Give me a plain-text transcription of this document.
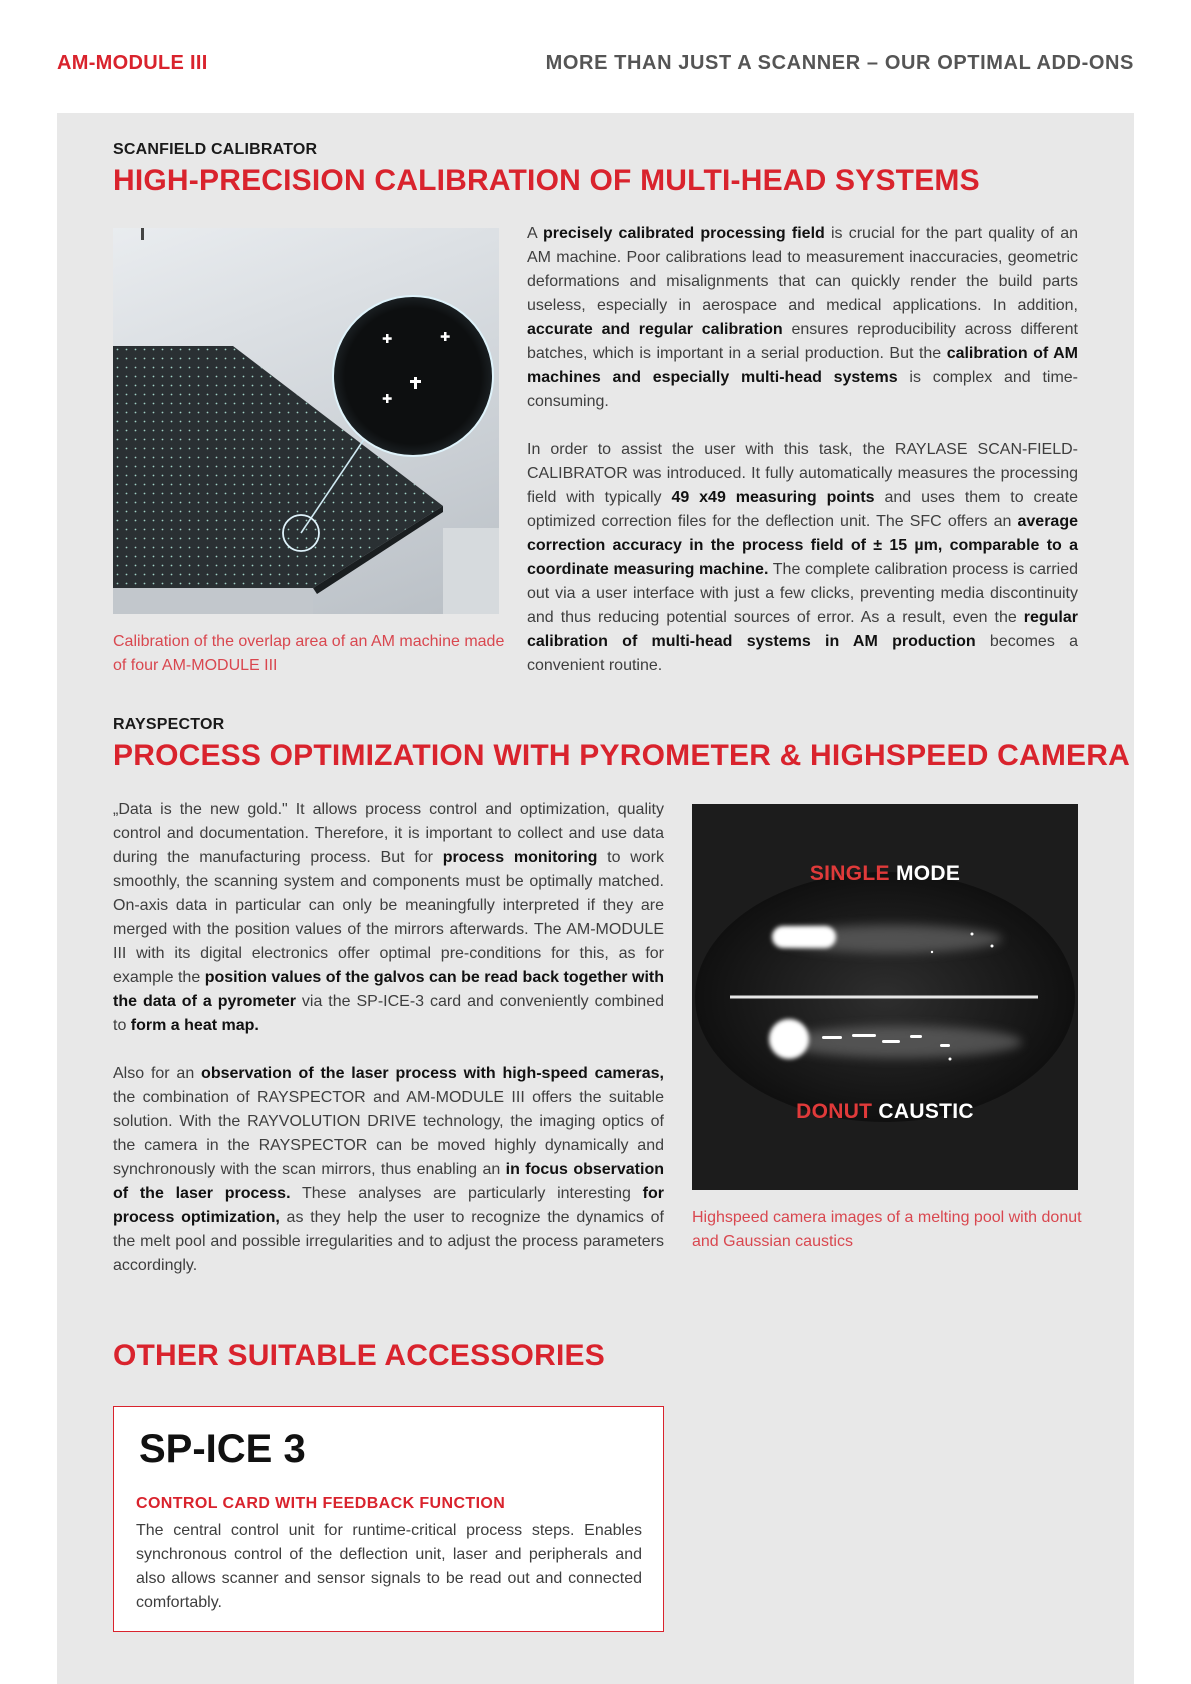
AM-MODULE III	MORE THAN JUST A SCANNER – OUR OPTIMAL ADD-ONS
SCANFIELD CALIBRATOR
HIGH-PRECISION CALIBRATION OF MULTI-HEAD SYSTEMS
Calibration of the overlap area of an AM machine made of four AM-MODULE III

A precisely calibrated processing field is crucial for the part quality of an AM machine. Poor calibrations lead to measurement inaccuracies, geometric deformations and misalignments that can quickly render the build parts useless, especially in aerospace and medical applications. In addition, accurate and regular calibration ensures reproducibility across different batches, which is important in a serial production. But the calibration of AM machines and especially multi-head systems is complex and time-consuming.

In order to assist the user with this task, the RAYLASE SCAN-FIELD-CALIBRATOR was introduced. It fully automatically measures the processing field with typically 49 x49 measuring points and uses them to create optimized correction files for the deflection unit. The SFC offers an average correction accuracy in the process field of ± 15 µm, comparable to a coordinate measuring machine. The complete calibration process is carried out via a user interface with just a few clicks, preventing media discontinuity and thus reducing potential sources of error. As a result, even the regular calibration of multi-head systems in AM production becomes a convenient routine.

RAYSPECTOR
PROCESS OPTIMIZATION WITH PYROMETER & HIGHSPEED CAMERA

„Data is the new gold." It allows process control and optimization, quality control and documentation. Therefore, it is important to collect and use data during the manufacturing process. But for process monitoring to work smoothly, the scanning system and components must be optimally matched. On-axis data in particular can only be meaningfully interpreted if they are merged with the position values of the mirrors afterwards. The AM-MODULE III with its digital electronics offer optimal pre-conditions for this, as for example the position values of the galvos can be read back together with the data of a pyrometer via the SP-ICE-3 card and conveniently combined to form a heat map.

Also for an observation of the laser process with high-speed cameras, the combination of RAYSPECTOR and AM-MODULE III offers the suitable solution. With the RAYVOLUTION DRIVE technology, the imaging optics of the camera in the RAYSPECTOR can be moved highly dynamically and synchronously with the scan mirrors, thus enabling an in focus observation of the laser process. These analyses are particularly interesting for process optimization, as they help the user to recognize the dynamics of the melt pool and possible irregularities and to adjust the process parameters accordingly.

SINGLE MODE
DONUT CAUSTIC
Highspeed camera images of a melting pool with donut and Gaussian caustics
OTHER SUITABLE ACCESSORIES
SP-ICE 3
CONTROL CARD WITH FEEDBACK FUNCTION
The central control unit for runtime-critical process steps. Enables synchronous control of the deflection unit, laser and peripherals and also allows scanner and sensor signals to be read out and connected comfortably.
